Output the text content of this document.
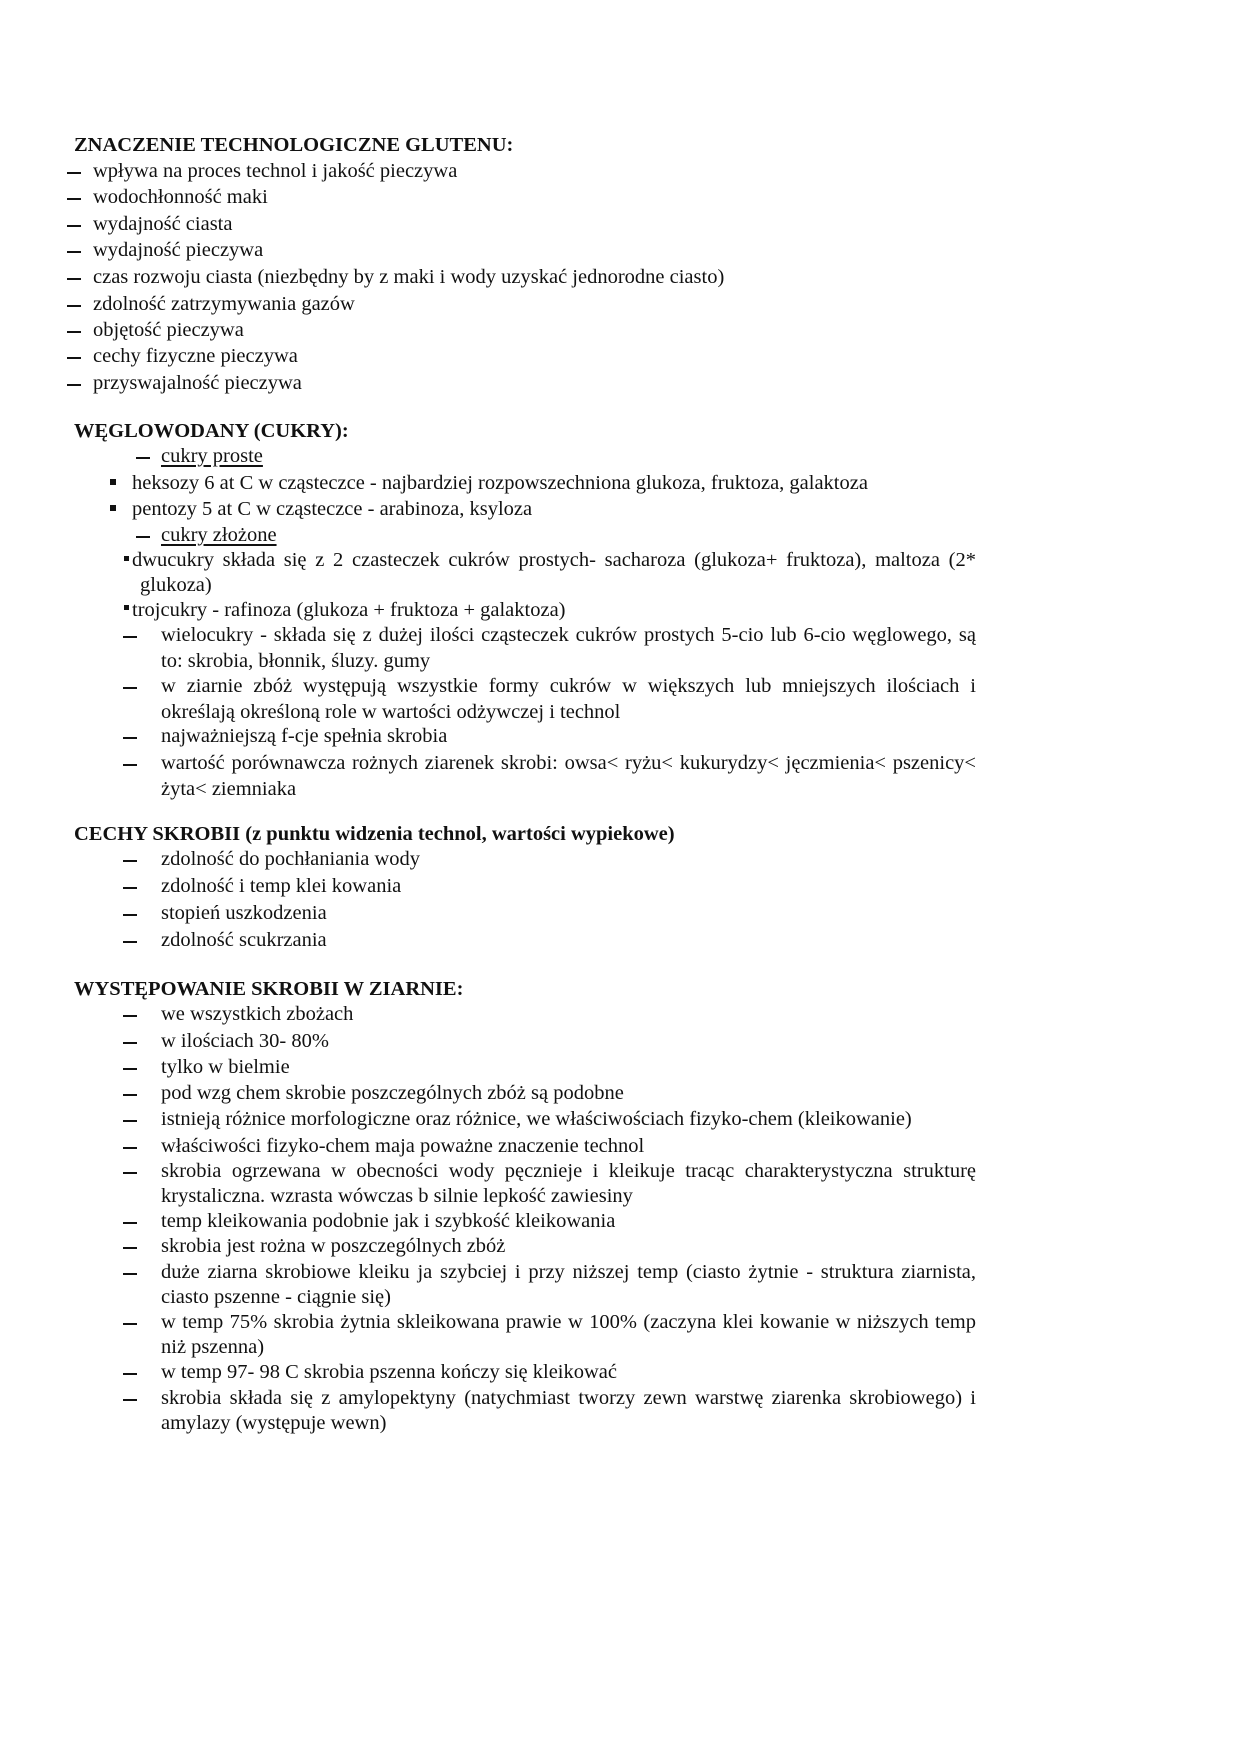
ZNACZENIE TECHNOLOGICZNE GLUTENU:
wpływa na proces technol i jakość pieczywa
wodochłonność maki
wydajność ciasta
wydajność pieczywa
czas rozwoju ciasta (niezbędny by z maki i wody uzyskać jednorodne ciasto)
zdolność zatrzymywania gazów
objętość pieczywa
cechy fizyczne pieczywa
przyswajalność pieczywa
WĘGLOWODANY (CUKRY):
cukry proste
heksozy 6 at C w cząsteczce - najbardziej rozpowszechniona glukoza, fruktoza, galaktoza
pentozy 5 at C w cząsteczce - arabinoza, ksyloza
cukry złożone
dwucukry składa się z 2 czasteczek cukrów prostych- sacharoza (glukoza+ fruktoza), maltoza (2*
glukoza)
trojcukry - rafinoza (glukoza + fruktoza + galaktoza)
wielocukry - składa się z dużej ilości cząsteczek cukrów prostych 5-cio lub 6-cio węglowego, są
to: skrobia, błonnik, śluzy. gumy
w ziarnie zbóż występują wszystkie formy cukrów w większych lub mniejszych ilościach i
określają określoną role w wartości odżywczej i technol
najważniejszą f-cje spełnia skrobia
wartość porównawcza rożnych ziarenek skrobi: owsa< ryżu< kukurydzy< jęczmienia< pszenicy<
żyta< ziemniaka
CECHY SKROBII (z punktu widzenia technol, wartości wypiekowe)
zdolność do pochłaniania wody
zdolność i temp klei kowania
stopień uszkodzenia
zdolność scukrzania
WYSTĘPOWANIE SKROBII W ZIARNIE:
we wszystkich zbożach
w ilościach 30- 80%
tylko w bielmie
pod wzg chem skrobie poszczególnych zbóż są podobne
istnieją różnice morfologiczne oraz różnice, we właściwościach fizyko-chem (kleikowanie)
właściwości fizyko-chem maja poważne znaczenie technol
skrobia ogrzewana w obecności wody pęcznieje i kleikuje tracąc charakterystyczna strukturę
krystaliczna. wzrasta wówczas b silnie lepkość zawiesiny
temp kleikowania podobnie jak i szybkość kleikowania
skrobia jest rożna w poszczególnych zbóż
duże ziarna skrobiowe kleiku ja szybciej i przy niższej temp (ciasto żytnie - struktura ziarnista,
ciasto pszenne - ciągnie się)
w temp 75% skrobia żytnia skleikowana prawie w 100% (zaczyna klei kowanie w niższych temp
niż pszenna)
w temp 97- 98 C skrobia pszenna kończy się kleikować
skrobia składa się z amylopektyny (natychmiast tworzy zewn warstwę ziarenka skrobiowego) i
amylazy (występuje wewn)
